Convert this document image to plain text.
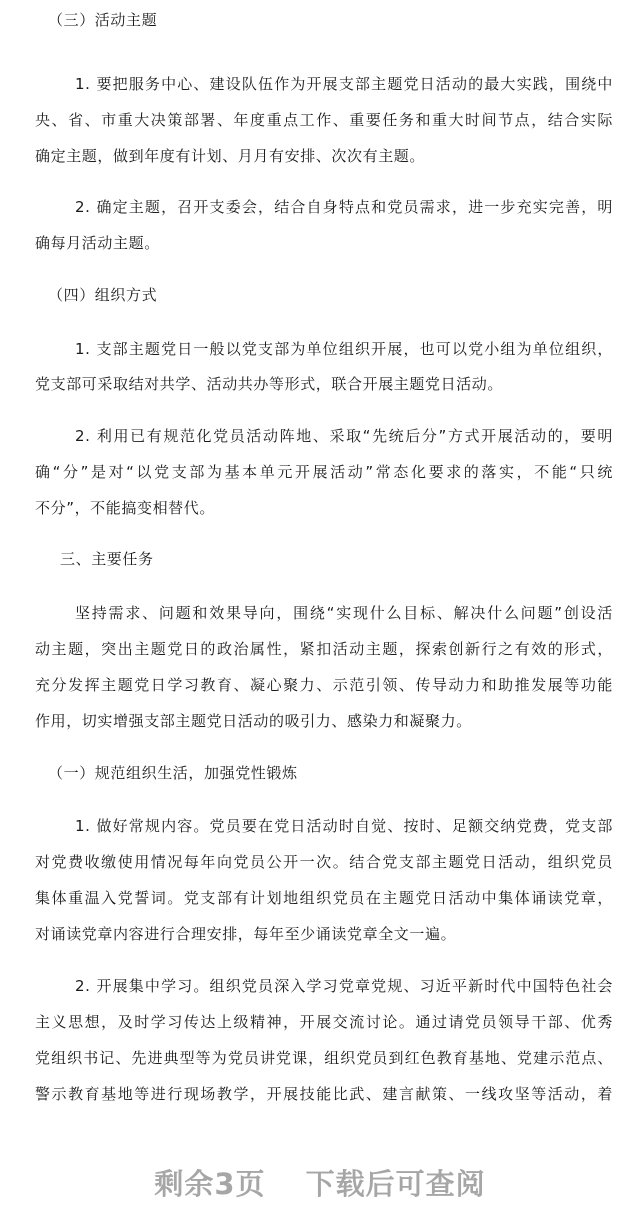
（三）活动主题
1. 要把服务中心、建设队伍作为开展支部主题党日活动的最大实践，围绕中
央、省、市重大决策部署、年度重点工作、重要任务和重大时间节点，结合实际
确定主题，做到年度有计划、月月有安排、次次有主题。
2. 确定主题，召开支委会，结合自身特点和党员需求，进一步充实完善，明
确每月活动主题。
（四）组织方式
1. 支部主题党日一般以党支部为单位组织开展，也可以党小组为单位组织，
党支部可采取结对共学、活动共办等形式，联合开展主题党日活动。
2. 利用已有规范化党员活动阵地、采取“先统后分”方式开展活动的，要明
确“分”是对“以党支部为基本单元开展活动”常态化要求的落实，不能“只统
不分”，不能搞变相替代。
三、主要任务
坚持需求、问题和效果导向，围绕“实现什么目标、解决什么问题”创设活
动主题，突出主题党日的政治属性，紧扣活动主题，探索创新行之有效的形式，
充分发挥主题党日学习教育、凝心聚力、示范引领、传导动力和助推发展等功能
作用，切实增强支部主题党日活动的吸引力、感染力和凝聚力。
（一）规范组织生活，加强党性锻炼
1. 做好常规内容。党员要在党日活动时自觉、按时、足额交纳党费，党支部
对党费收缴使用情况每年向党员公开一次。结合党支部主题党日活动，组织党员
集体重温入党誓词。党支部有计划地组织党员在主题党日活动中集体诵读党章，
对诵读党章内容进行合理安排，每年至少诵读党章全文一遍。
2. 开展集中学习。组织党员深入学习党章党规、习近平新时代中国特色社会
主义思想，及时学习传达上级精神，开展交流讨论。通过请党员领导干部、优秀
党组织书记、先进典型等为党员讲党课，组织党员到红色教育基地、党建示范点、
警示教育基地等进行现场教学，开展技能比武、建言献策、一线攻坚等活动，着
剩余3页 下载后可查阅
